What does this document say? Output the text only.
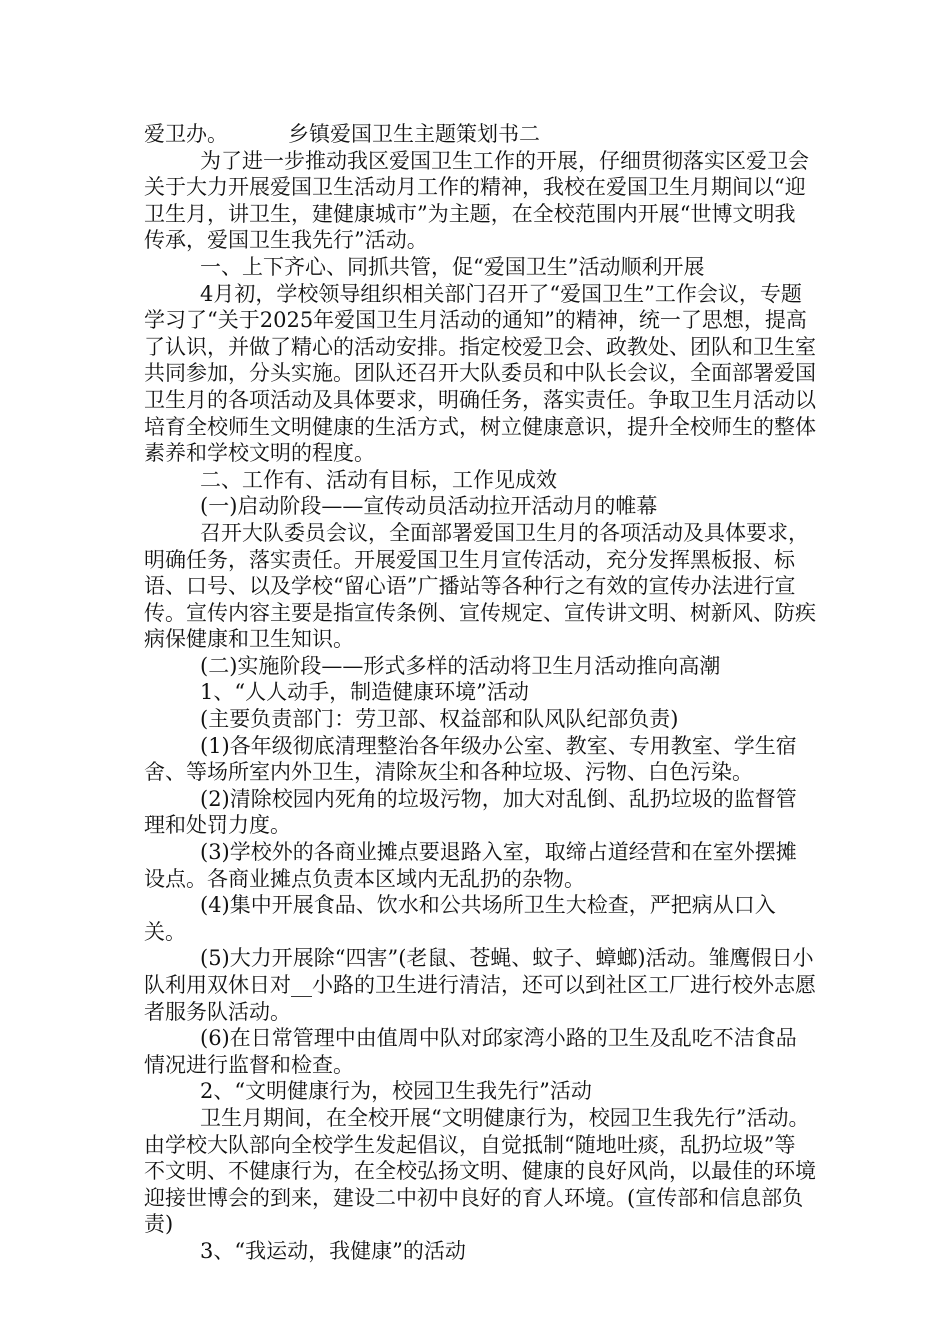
爱卫办。	乡镇爱国卫生主题策划书二

为了进一步推动我区爱国卫生工作的开展，仔细贯彻落实区爱卫会关于大力开展爱国卫生活动月工作的精神，我校在爱国卫生月期间以“迎卫生月，讲卫生，建健康城市”为主题，在全校范围内开展“世博文明我传承，爱国卫生我先行”活动。

一、上下齐心、同抓共管，促“爱国卫生”活动顺利开展

4月初，学校领导组织相关部门召开了“爱国卫生”工作会议，专题学习了“关于2025年爱国卫生月活动的通知”的精神，统一了思想，提高了认识，并做了精心的活动安排。指定校爱卫会、政教处、团队和卫生室共同参加，分头实施。团队还召开大队委员和中队长会议，全面部署爱国卫生月的各项活动及具体要求，明确任务，落实责任。争取卫生月活动以培育全校师生文明健康的生活方式，树立健康意识，提升全校师生的整体素养和学校文明的程度。

二、工作有、活动有目标，工作见成效

(一)启动阶段——宣传动员活动拉开活动月的帷幕

召开大队委员会议，全面部署爱国卫生月的各项活动及具体要求，明确任务，落实责任。开展爱国卫生月宣传活动，充分发挥黑板报、标语、口号、以及学校“留心语”广播站等各种行之有效的宣传办法进行宣传。宣传内容主要是指宣传条例、宣传规定、宣传讲文明、树新风、防疾病保健康和卫生知识。

(二)实施阶段——形式多样的活动将卫生月活动推向高潮

1、“人人动手，制造健康环境”活动

(主要负责部门：劳卫部、权益部和队风队纪部负责)

(1)各年级彻底清理整治各年级办公室、教室、专用教室、学生宿舍、等场所室内外卫生，清除灰尘和各种垃圾、污物、白色污染。

(2)清除校园内死角的垃圾污物，加大对乱倒、乱扔垃圾的监督管理和处罚力度。

(3)学校外的各商业摊点要退路入室，取缔占道经营和在室外摆摊设点。各商业摊点负责本区域内无乱扔的杂物。

(4)集中开展食品、饮水和公共场所卫生大检查，严把病从口入关。

(5)大力开展除“四害”(老鼠、苍蝇、蚊子、蟑螂)活动。雏鹰假日小队利用双休日对__小路的卫生进行清洁，还可以到社区工厂进行校外志愿者服务队活动。

(6)在日常管理中由值周中队对邱家湾小路的卫生及乱吃不洁食品情况进行监督和检查。

2、“文明健康行为，校园卫生我先行”活动

卫生月期间，在全校开展“文明健康行为，校园卫生我先行”活动。由学校大队部向全校学生发起倡议，自觉抵制“随地吐痰，乱扔垃圾”等不文明、不健康行为，在全校弘扬文明、健康的良好风尚，以最佳的环境迎接世博会的到来，建设二中初中良好的育人环境。(宣传部和信息部负责)

3、“我运动，我健康”的活动
